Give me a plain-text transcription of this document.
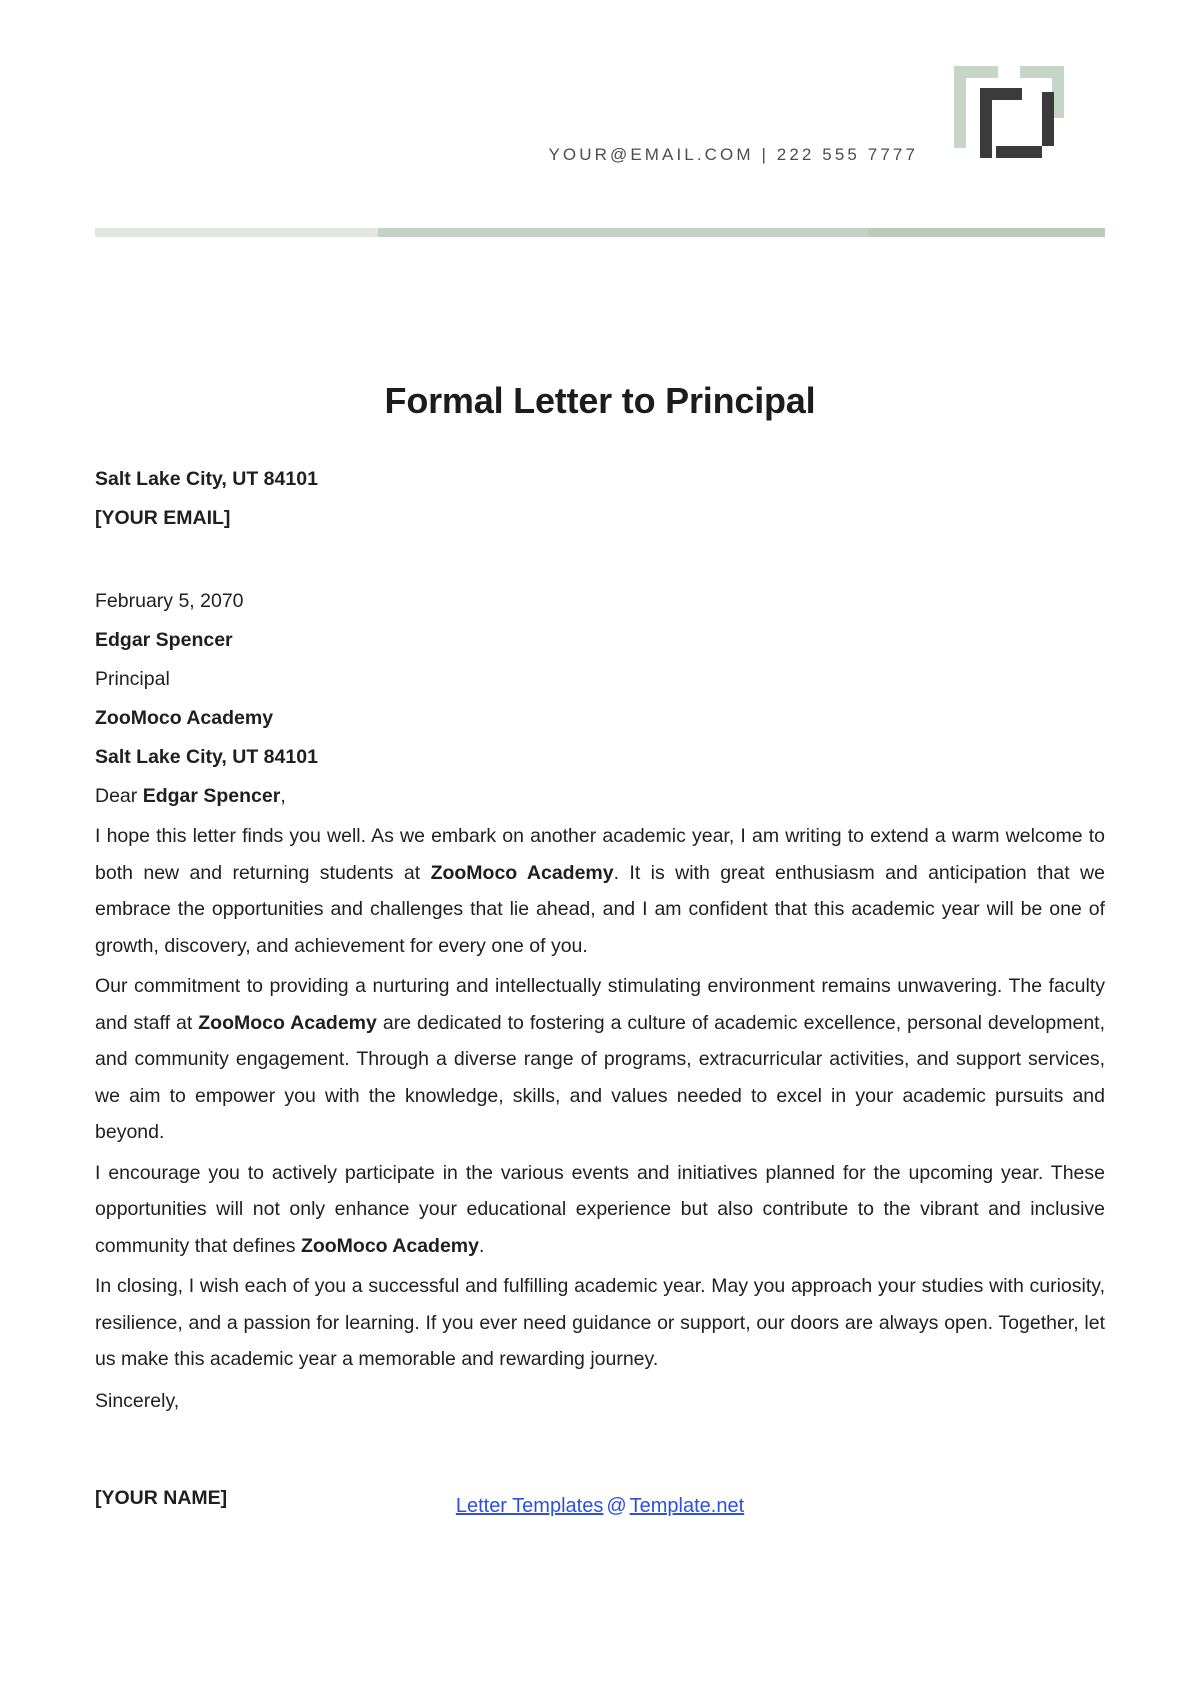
YOUR@EMAIL.COM | 222 555 7777
Formal Letter to Principal
Salt Lake City, UT 84101
[YOUR EMAIL]
February 5, 2070
Edgar Spencer
Principal
ZooMoco Academy
Salt Lake City, UT 84101
Dear Edgar Spencer,

I hope this letter finds you well. As we embark on another academic year, I am writing to extend a warm welcome to both new and returning students at ZooMoco Academy. It is with great enthusiasm and anticipation that we embrace the opportunities and challenges that lie ahead, and I am confident that this academic year will be one of growth, discovery, and achievement for every one of you.

Our commitment to providing a nurturing and intellectually stimulating environment remains unwavering. The faculty and staff at ZooMoco Academy are dedicated to fostering a culture of academic excellence, personal development, and community engagement. Through a diverse range of programs, extracurricular activities, and support services, we aim to empower you with the knowledge, skills, and values needed to excel in your academic pursuits and beyond.

I encourage you to actively participate in the various events and initiatives planned for the upcoming year. These opportunities will not only enhance your educational experience but also contribute to the vibrant and inclusive community that defines ZooMoco Academy.

In closing, I wish each of you a successful and fulfilling academic year. May you approach your studies with curiosity, resilience, and a passion for learning. If you ever need guidance or support, our doors are always open. Together, let us make this academic year a memorable and rewarding journey.

Sincerely,
[YOUR NAME]	Letter Templates @ Template.net
